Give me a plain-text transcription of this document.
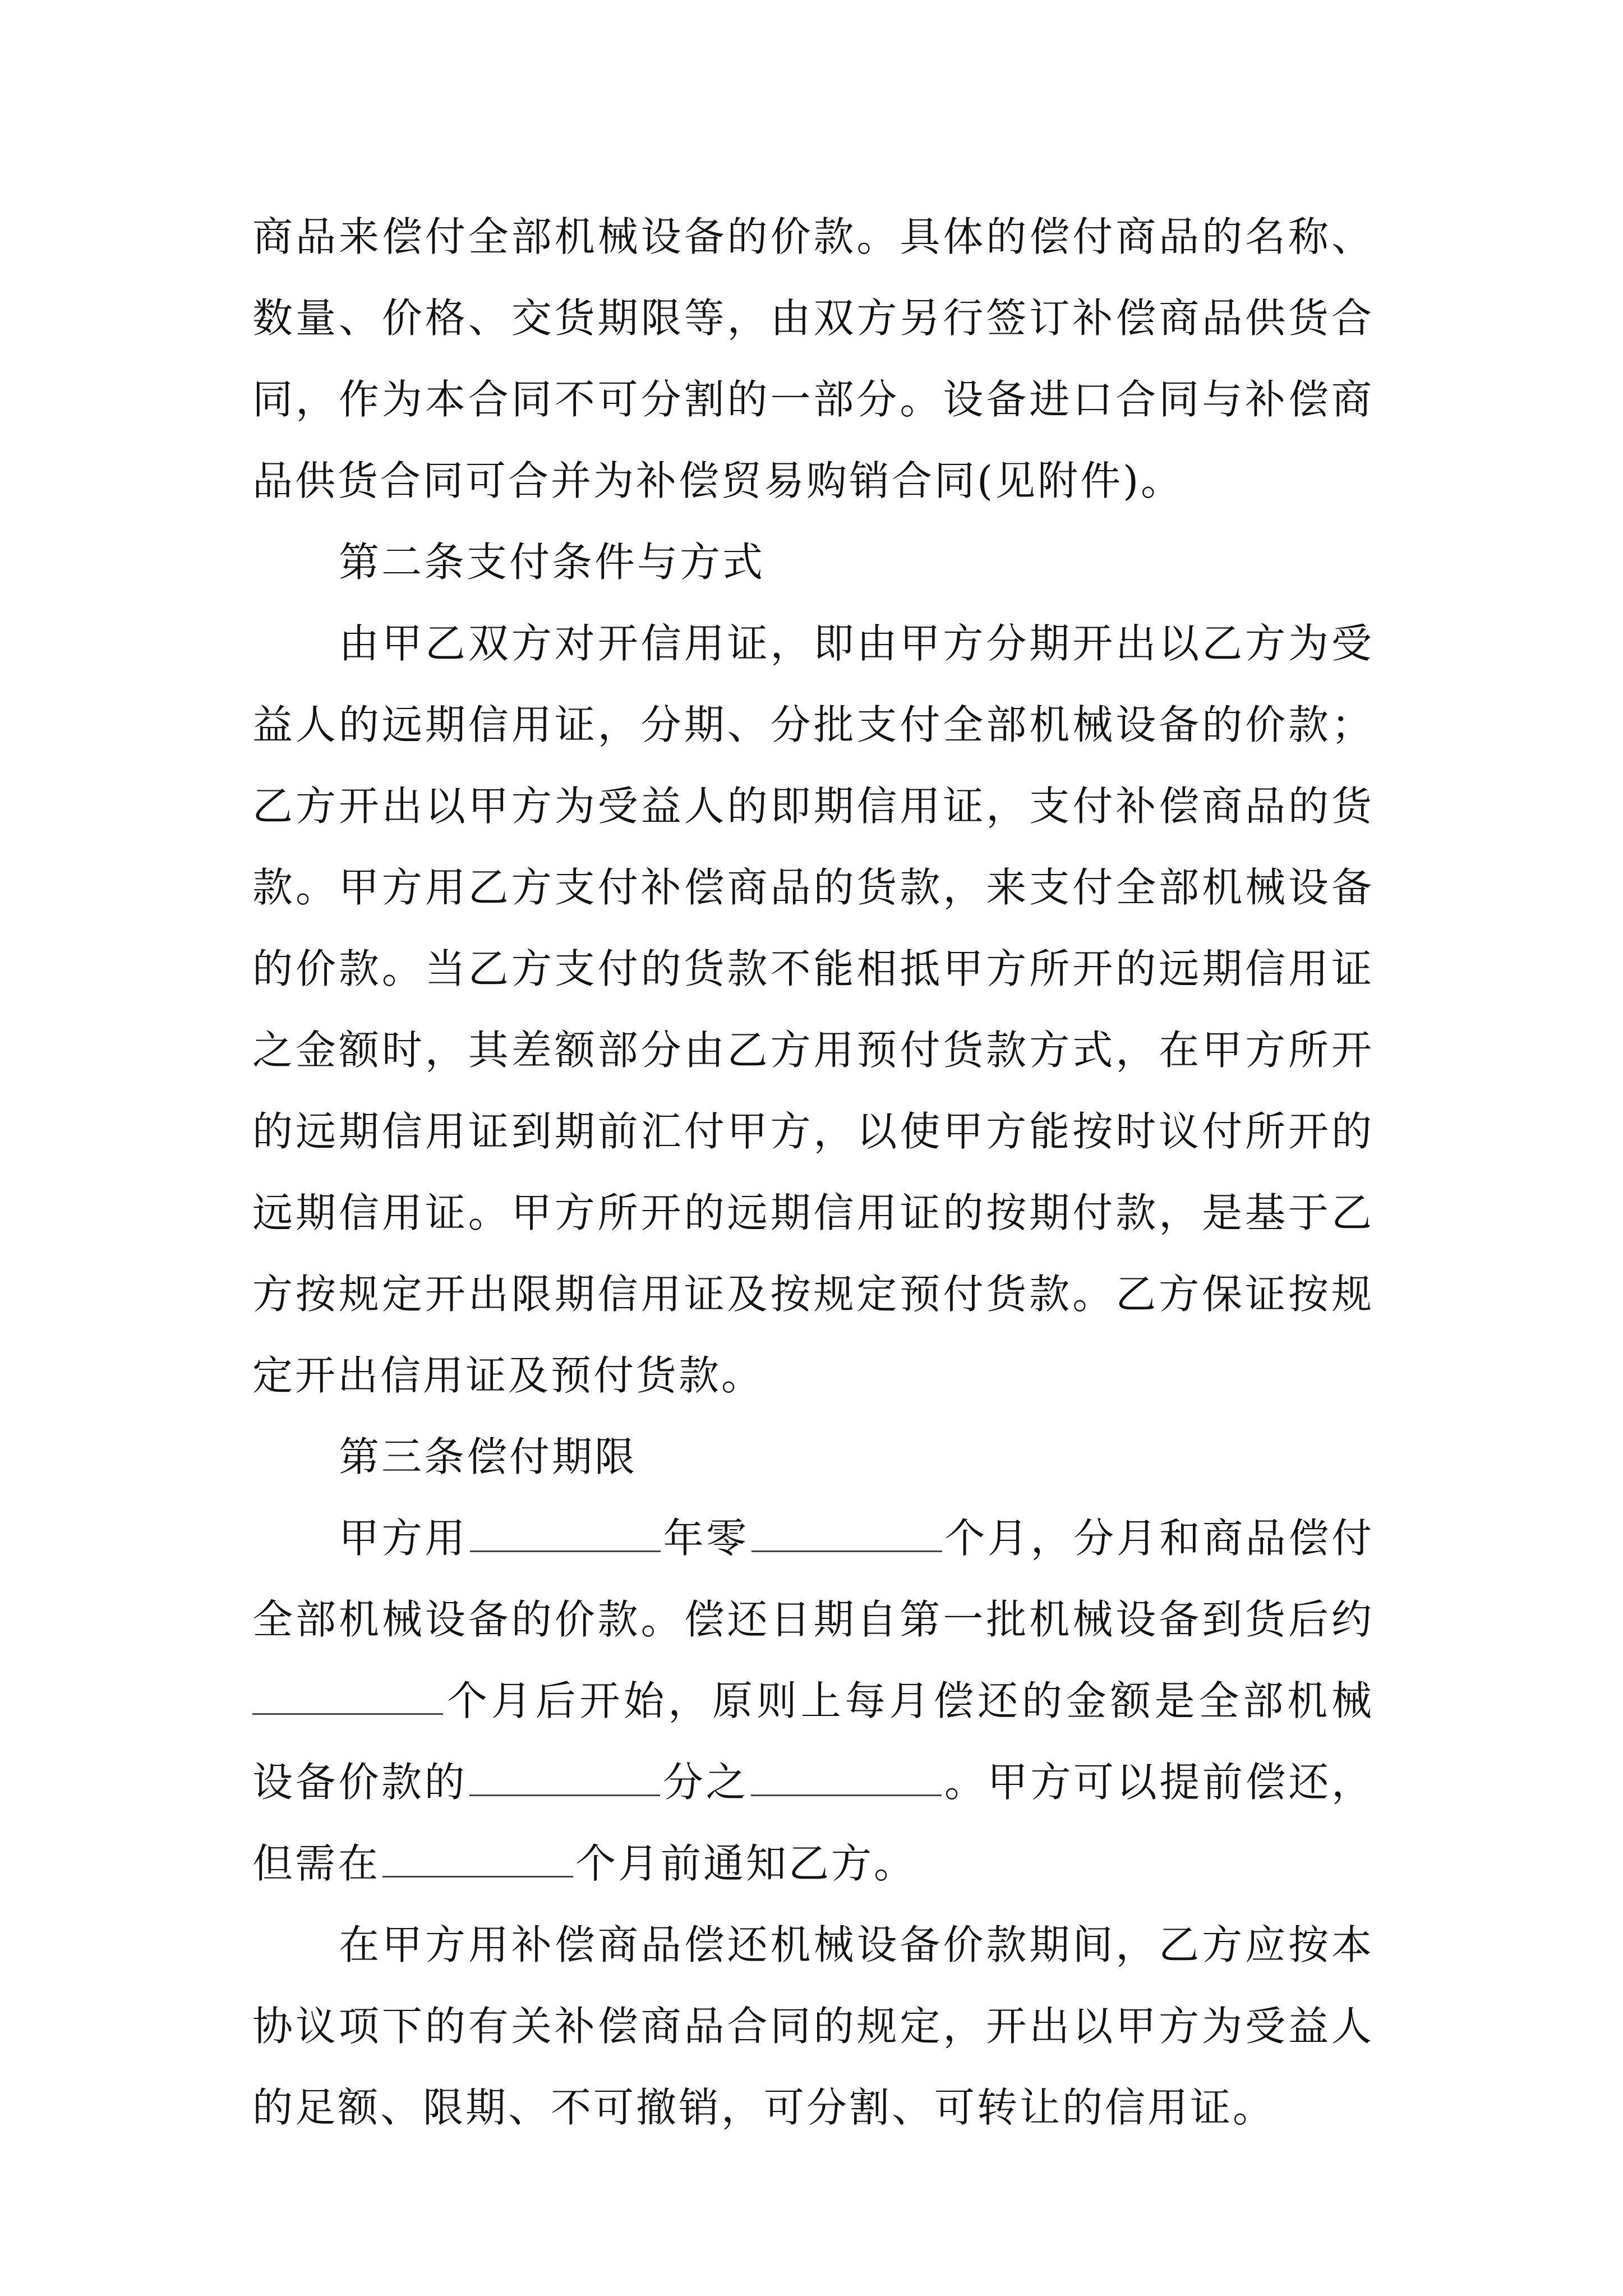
商品来偿付全部机械设备的价款。具体的偿付商品的名称、数量、价格、交货期限等，由双方另行签订补偿商品供货合同，作为本合同不可分割的一部分。设备进口合同与补偿商品供货合同可合并为补偿贸易购销合同(见附件)。

第二条支付条件与方式

由甲乙双方对开信用证，即由甲方分期开出以乙方为受益人的远期信用证，分期、分批支付全部机械设备的价款；乙方开出以甲方为受益人的即期信用证，支付补偿商品的货款。甲方用乙方支付补偿商品的货款，来支付全部机械设备的价款。当乙方支付的货款不能相抵甲方所开的远期信用证之金额时，其差额部分由乙方用预付货款方式，在甲方所开的远期信用证到期前汇付甲方，以使甲方能按时议付所开的远期信用证。甲方所开的远期信用证的按期付款，是基于乙方按规定开出限期信用证及按规定预付货款。乙方保证按规定开出信用证及预付货款。

第三条偿付期限

甲方用	年零	个月，分月和商品偿付全部机械设备的价款。偿还日期自第一批机械设备到货后约个月后开始，原则上每月偿还的金额是全部机械设备价款的	分之	。甲方可以提前偿还，但需在	个月前通知乙方。

在甲方用补偿商品偿还机械设备价款期间，乙方应按本协议项下的有关补偿商品合同的规定，开出以甲方为受益人的足额、限期、不可撤销，可分割、可转让的信用证。
